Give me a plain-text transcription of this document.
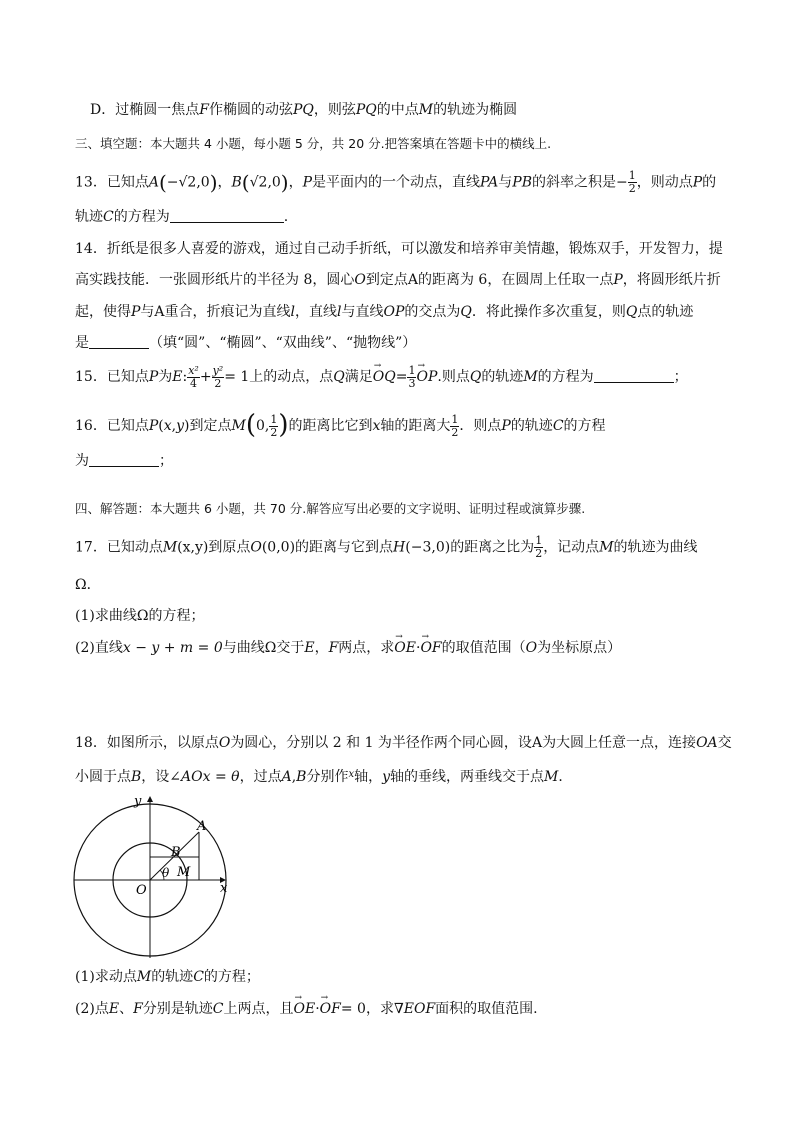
D．过椭圆一焦点F作椭圆的动弦PQ，则弦PQ的中点M的轨迹为椭圆
三、填空题：本大题共 4 小题，每小题 5 分，共 20 分.把答案填在答题卡中的横线上.
13．已知点A(−√2,0)，B(√2,0)，P是平面内的一个动点，直线PA与PB的斜率之积是− $\frac{1}{2}$ ，则动点P的
轨迹C的方程为	.
14．折纸是很多人喜爱的游戏，通过自己动手折纸，可以激发和培养审美情趣，锻炼双手，开发智力，提
高实践技能．一张圆形纸片的半径为 8，圆心O到定点A的距离为 6，在圆周上任取一点P，将圆形纸片折
起，使得P与A重合，折痕记为直线l，直线l与直线OP的交点为Q．将此操作多次重复，则Q点的轨迹
是	（填“圆”、“椭圆”、“双曲线”、“抛物线”）
15．已知点P为E: $\frac{\text{x²}}{4} + \frac{\text{y²}}{2} = 1$上的动点，点Q满足→ $OQ= \frac{1}{3}$
→ OP.则点Q的轨迹M的方程为	；
16．已知点P(x,y)到定点M(0, $\frac{1}{2}$ )的距离比它到x轴的距离大 $\frac{1}{2}$ ．则点P的轨迹C的方程
为	；
四、解答题：本大题共 6 小题，共 70 分.解答应写出必要的文字说明、证明过程或演算步骤.
17．已知动点M(x,y)到原点O(0,0)的距离与它到点H(−3,0)的距离之比为 $\frac{1}{2}$ ，记动点M的轨迹为曲线
Ω．
(1)求曲线Ω的方程；
(2)直线x − y + m = 0与曲线Ω交于E，F两点，求→ OE·→ OF的取值范围（O为坐标原点）
18．如图所示，以原点O为圆心，分别以 2 和 1 为半径作两个同心圆，设A为大圆上任意一点，连接OA交
小圆于点B，设∠AOx = θ，过点A,B分别作$^x$轴，y轴的垂线，两垂线交于点M．
y
x
O
A
B
M
θ
(1)求动点M的轨迹C的方程；
(2)点E、F分别是轨迹C上两点，且→ OE·→ OF= 0，求∇EOF面积的取值范围.
